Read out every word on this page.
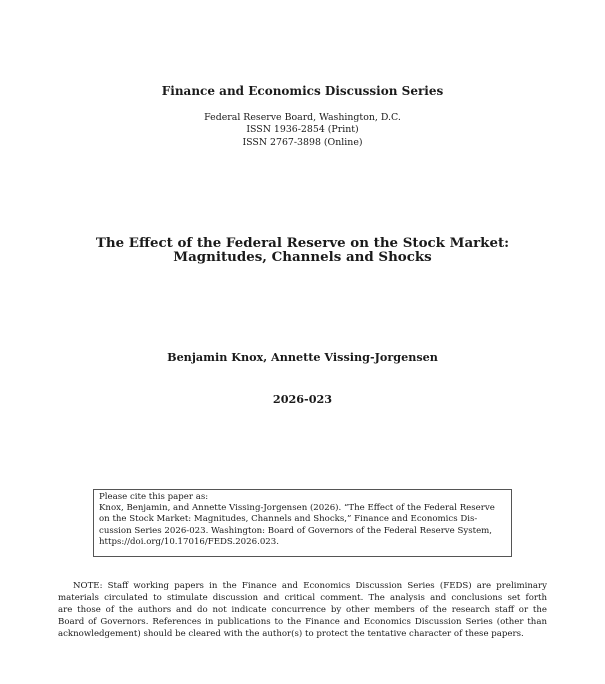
Finance and Economics Discussion Series
Federal Reserve Board, Washington, D.C.
ISSN 1936-2854 (Print)
ISSN 2767-3898 (Online)
The Effect of the Federal Reserve on the Stock Market:
Magnitudes, Channels and Shocks
Benjamin Knox, Annette Vissing-Jorgensen
2026-023
Please cite this paper as:
Knox, Benjamin, and Annette Vissing-Jorgensen (2026). “The Effect of the Federal Reserve
on the Stock Market: Magnitudes, Channels and Shocks,” Finance and Economics Dis-
cussion Series 2026-023. Washington: Board of Governors of the Federal Reserve System,
https://doi.org/10.17016/FEDS.2026.023.
NOTE: Staff working papers in the Finance and Economics Discussion Series (FEDS) are preliminary
materials circulated to stimulate discussion and critical comment. The analysis and conclusions set forth
are those of the authors and do not indicate concurrence by other members of the research staff or the
Board of Governors. References in publications to the Finance and Economics Discussion Series (other than
acknowledgement) should be cleared with the author(s) to protect the tentative character of these papers.
